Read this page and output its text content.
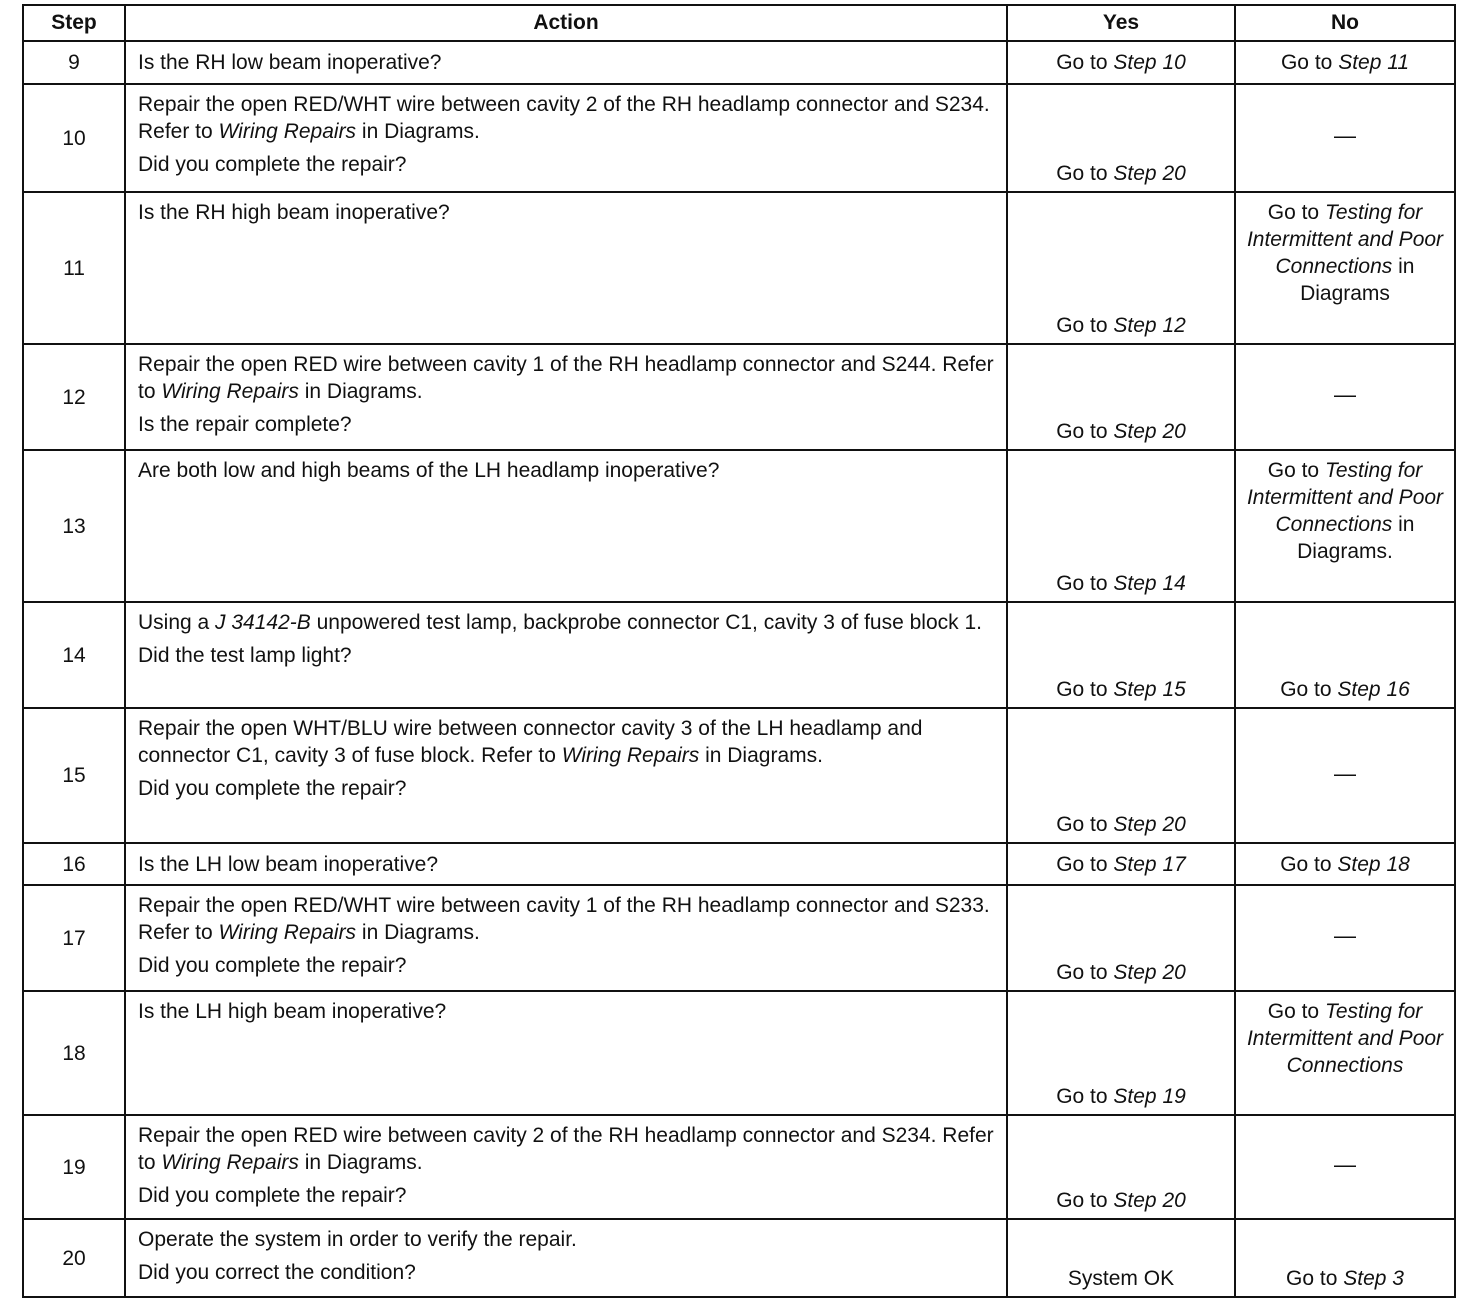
Step	Action	Yes	No
9	Is the RH low beam inoperative?	Go to Step 10	Go to Step 11
10	Repair the open RED/WHT wire between cavity 2 of the RH headlamp connector and S234. Refer to Wiring Repairs in Diagrams.
Did you complete the repair?	Go to Step 20	—
11	Is the RH high beam inoperative?	Go to Step 12	Go to Testing for Intermittent and Poor Connections in Diagrams
12	Repair the open RED wire between cavity 1 of the RH headlamp connector and S244. Refer to Wiring Repairs in Diagrams.
Is the repair complete?	Go to Step 20	—
13	Are both low and high beams of the LH headlamp inoperative?	Go to Step 14	Go to Testing for Intermittent and Poor Connections in Diagrams.
14	Using a J 34142-B unpowered test lamp, backprobe connector C1, cavity 3 of fuse block 1.
Did the test lamp light?	Go to Step 15	Go to Step 16
15	Repair the open WHT/BLU wire between connector cavity 3 of the LH headlamp and connector C1, cavity 3 of fuse block. Refer to Wiring Repairs in Diagrams.
Did you complete the repair?	Go to Step 20	—
16	Is the LH low beam inoperative?	Go to Step 17	Go to Step 18
17	Repair the open RED/WHT wire between cavity 1 of the RH headlamp connector and S233. Refer to Wiring Repairs in Diagrams.
Did you complete the repair?	Go to Step 20	—
18	Is the LH high beam inoperative?	Go to Step 19	Go to Testing for Intermittent and Poor Connections
19	Repair the open RED wire between cavity 2 of the RH headlamp connector and S234. Refer to Wiring Repairs in Diagrams.
Did you complete the repair?	Go to Step 20	—
20	Operate the system in order to verify the repair.
Did you correct the condition?	System OK	Go to Step 3
